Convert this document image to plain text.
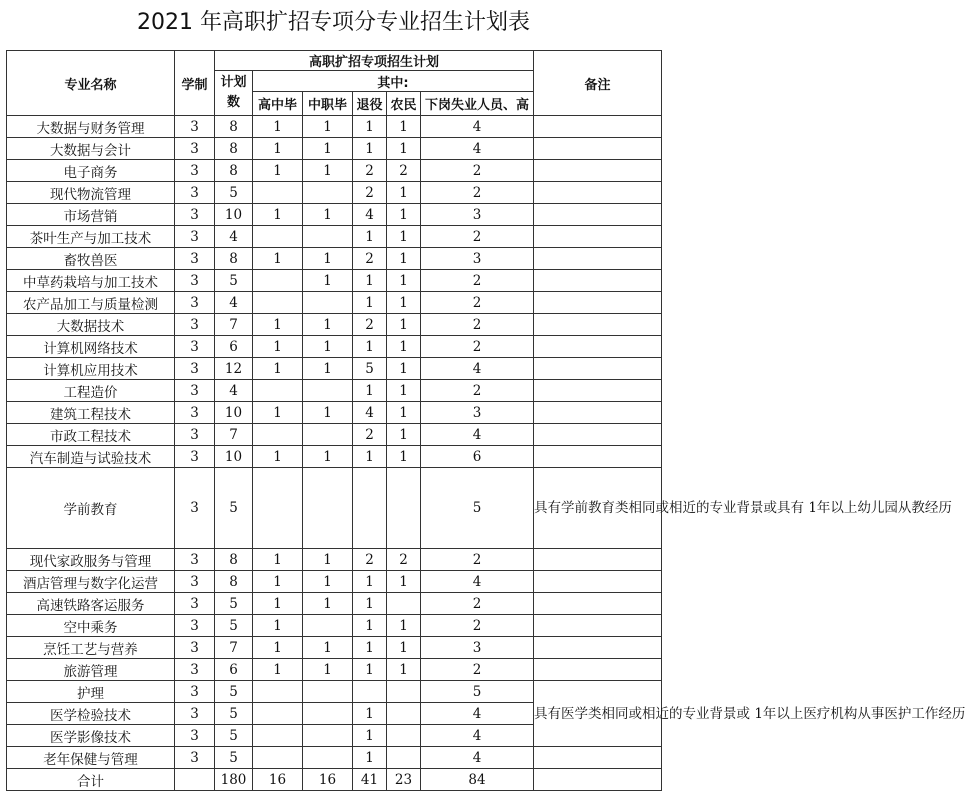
2021 年高职扩招专项分专业招生计划表
专业名称	学制	高职扩招专项招生计划						备注
		计划数	其中:					
			高中毕	中职毕	退役	农民	下岗失业人员、高	
大数据与财务管理	3	8	1	1	1	1	4	
大数据与会计	3	8	1	1	1	1	4	
电子商务	3	8	1	1	2	2	2	
现代物流管理	3	5			2	1	2	
市场营销	3	10	1	1	4	1	3	
茶叶生产与加工技术	3	4			1	1	2	
畜牧兽医	3	8	1	1	2	1	3	
中草药栽培与加工技术	3	5		1	1	1	2	
农产品加工与质量检测	3	4			1	1	2	
大数据技术	3	7	1	1	2	1	2	
计算机网络技术	3	6	1	1	1	1	2	
计算机应用技术	3	12	1	1	5	1	4	
工程造价	3	4			1	1	2	
建筑工程技术	3	10	1	1	4	1	3	
市政工程技术	3	7			2	1	4	
汽车制造与试验技术	3	10	1	1	1	1	6	
学前教育	3	5					5	具有学前教育类相同或相近的专业背景或具有 1年以上幼儿园从教经历
现代家政服务与管理	3	8	1	1	2	2	2	
酒店管理与数字化运营	3	8	1	1	1	1	4	
高速铁路客运服务	3	5	1	1	1		2	
空中乘务	3	5	1		1	1	2	
烹饪工艺与营养	3	7	1	1	1	1	3	
旅游管理	3	6	1	1	1	1	2	
护理	3	5					5	具有医学类相同或相近的专业背景或 1年以上医疗机构从事医护工作经历
医学检验技术	3	5			1		4	
医学影像技术	3	5			1		4	
老年保健与管理	3	5			1		4	
合计		180	16	16	41	23	84	
